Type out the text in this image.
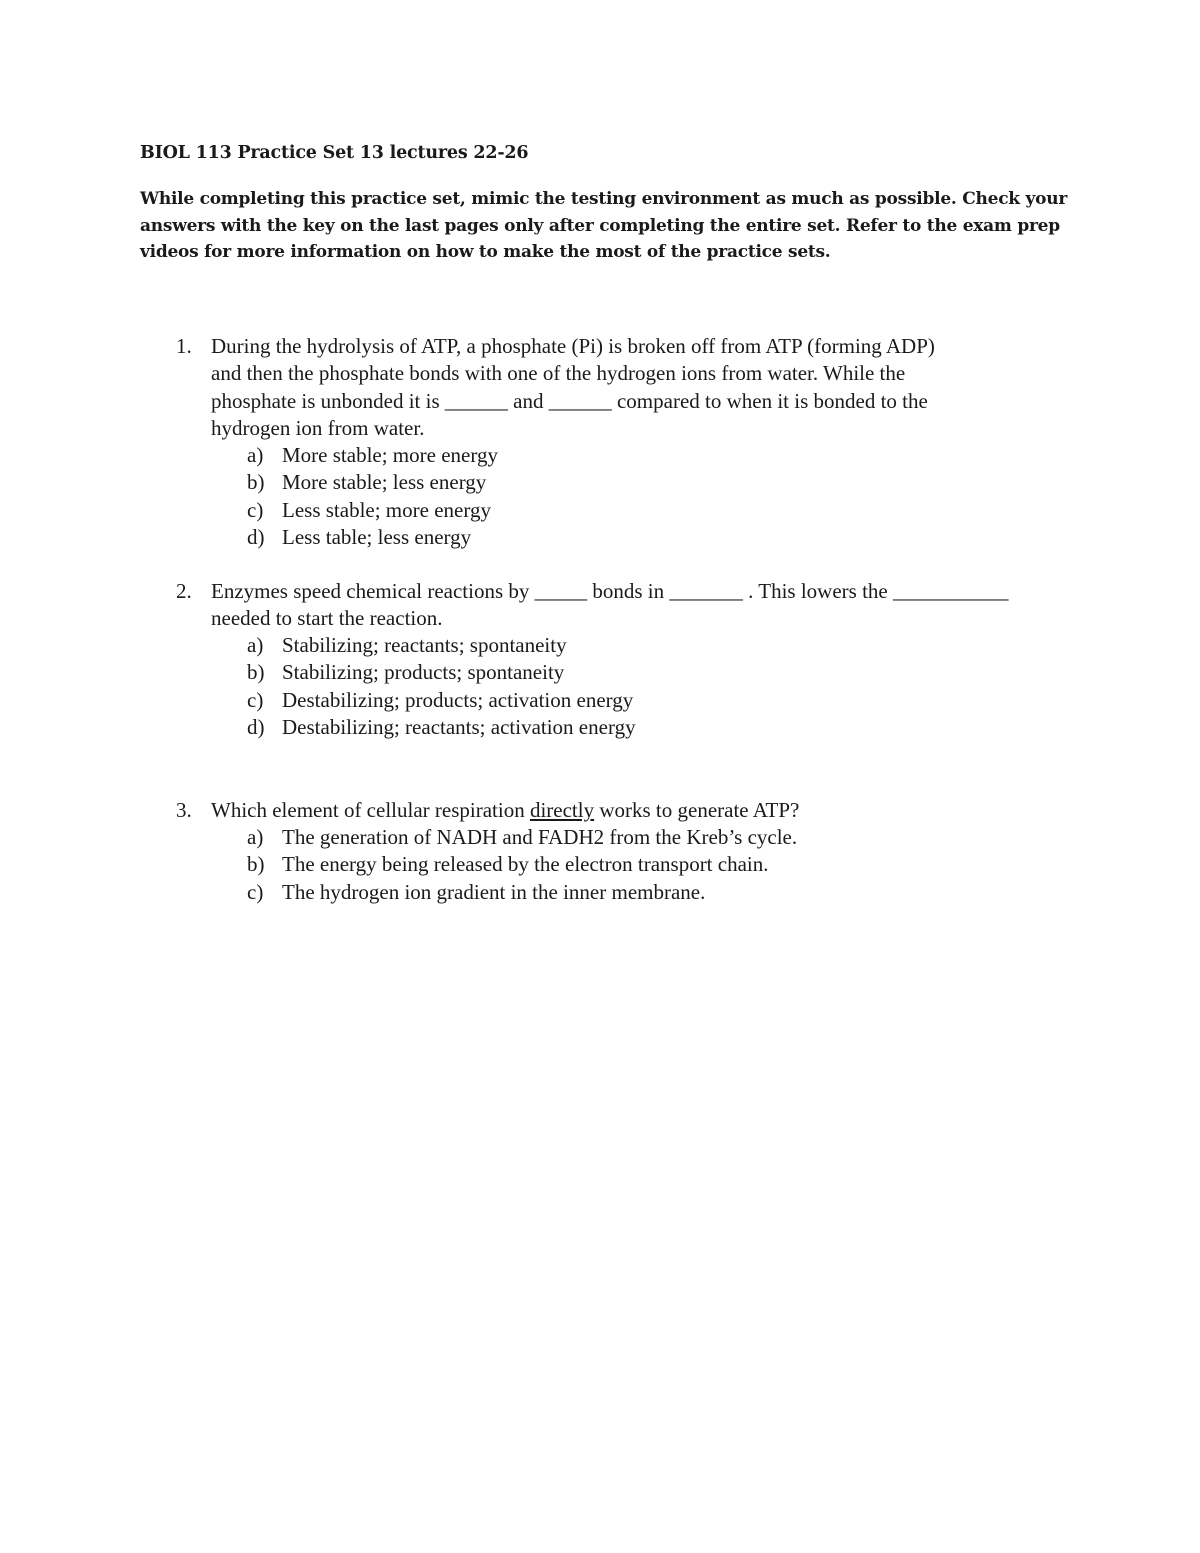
BIOL 113 Practice Set 13 lectures 22-26
While completing this practice set, mimic the testing environment as much as possible. Check your
answers with the key on the last pages only after completing the entire set. Refer to the exam prep
videos for more information on how to make the most of the practice sets.
1. During the hydrolysis of ATP, a phosphate (Pi) is broken off from ATP (forming ADP)
and then the phosphate bonds with one of the hydrogen ions from water. While the
phosphate is unbonded it is ______ and ______ compared to when it is bonded to the
hydrogen ion from water.
a) More stable; more energy
b) More stable; less energy
c) Less stable; more energy
d) Less table; less energy
2. Enzymes speed chemical reactions by _____ bonds in _______ . This lowers the ___________
needed to start the reaction.
a) Stabilizing; reactants; spontaneity
b) Stabilizing; products; spontaneity
c) Destabilizing; products; activation energy
d) Destabilizing; reactants; activation energy
3. Which element of cellular respiration directly works to generate ATP?
a) The generation of NADH and FADH2 from the Kreb’s cycle.
b) The energy being released by the electron transport chain.
c) The hydrogen ion gradient in the inner membrane.
